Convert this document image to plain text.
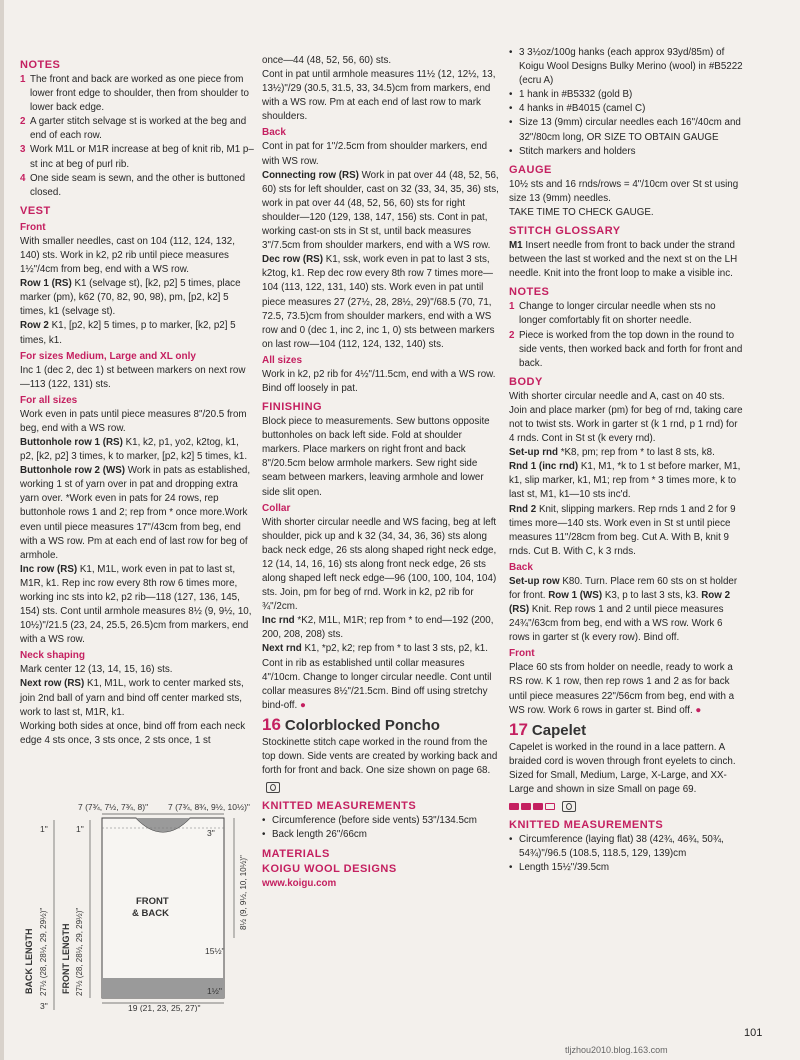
NOTES

1 The front and back are worked as one piece from lower front edge to shoulder, then from shoulder to lower back edge.

2 A garter stitch selvage st is worked at the beg and end of each row.

3 Work M1L or M1R increase at beg of knit rib, M1 p–st inc at beg of purl rib.

4 One side seam is sewn, and the other is buttoned closed.

VEST

Front

With smaller needles, cast on 104 (112, 124, 132, 140) sts. Work in k2, p2 rib until piece measures 1½"/4cm from beg, end with a WS row.

Row 1 (RS) K1 (selvage st), [k2, p2] 5 times, place marker (pm), k62 (70, 82, 90, 98), pm, [p2, k2] 5 times, k1 (selvage st).

Row 2 K1, [p2, k2] 5 times, p to marker, [k2, p2] 5 times, k1.

For sizes Medium, Large and XL only

Inc 1 (dec 2, dec 1) st between markers on next row—113 (122, 131) sts.

For all sizes

Work even in pats until piece measures 8"/20.5 from beg, end with a WS row.

Buttonhole row 1 (RS) K1, k2, p1, yo2, k2tog, k1, p2, [k2, p2] 3 times, k to marker, [p2, k2] 5 times, k1. Buttonhole row 2 (WS) Work in pats as established, working 1 st of yarn over in pat and dropping extra yarn over. *Work even in pats for 24 rows, rep buttonhole rows 1 and 2; rep from * once more.Work even until piece measures 17"/43cm from beg, end with a WS row. Pm at each end of last row for beg of armhole.

Inc row (RS) K1, M1L, work even in pat to last st, M1R, k1. Rep inc row every 8th row 6 times more, working inc sts into k2, p2 rib—118 (127, 136, 145, 154) sts. Cont until armhole measures 8½ (9, 9½, 10, 10½)"/21.5 (23, 24, 25.5, 26.5)cm from markers, end with a WS row.

Neck shaping

Mark center 12 (13, 14, 15, 16) sts.

Next row (RS) K1, M1L, work to center marked sts, join 2nd ball of yarn and bind off center marked sts, work to last st, M1R, k1.

Working both sides at once, bind off from each neck edge 4 sts once, 3 sts once, 2 sts once, 1 st

7 (7¾, 7½, 7¾, 8)" 7 (7¾, 8¾, 9½, 10½)"
FRONT
& BACK
1"	1"
BACK LENGTH 27½ (28, 28½, 29, 29½)" FRONT LENGTH 27½ (28, 28½, 29, 29½)"
3"
8½ (9, 9½, 10, 10½)"
15½"
1½"
3"	19 (21, 23, 25, 27)"

once—44 (48, 52, 56, 60) sts.

Cont in pat until armhole measures 11½ (12, 12½, 13, 13½)"/29 (30.5, 31.5, 33, 34.5)cm from markers, end with a WS row. Pm at each end of last row to mark shoulders.

Back

Cont in pat for 1"/2.5cm from shoulder markers, end with WS row.

Connecting row (RS) Work in pat over 44 (48, 52, 56, 60) sts for left shoulder, cast on 32 (33, 34, 35, 36) sts, work in pat over 44 (48, 52, 56, 60) sts for right shoulder—120 (129, 138, 147, 156) sts. Cont in pat, working cast-on sts in St st, until back measures 3"/7.5cm from shoulder markers, end with a WS row.

Dec row (RS) K1, ssk, work even in pat to last 3 sts, k2tog, k1. Rep dec row every 8th row 7 times more—104 (113, 122, 131, 140) sts. Work even in pat until piece measures 27 (27½, 28, 28½, 29)"/68.5 (70, 71, 72.5, 73.5)cm from shoulder markers, end with a WS row and 0 (dec 1, inc 2, inc 1, 0) sts between markers on last row—104 (112, 124, 132, 140) sts.

All sizes

Work in k2, p2 rib for 4½"/11.5cm, end with a WS row. Bind off loosely in pat.

FINISHING

Block piece to measurements. Sew buttons opposite buttonholes on back left side. Fold at shoulder markers. Place markers on right front and back 8"/20.5cm below armhole markers. Sew right side seam between markers, leaving armhole and lower side slit open.

Collar

With shorter circular needle and WS facing, beg at left shoulder, pick up and k 32 (34, 34, 36, 36) sts along back neck edge, 26 sts along shaped right neck edge, 12 (14, 14, 16, 16) sts along front neck edge, 26 sts along shaped left neck edge—96 (100, 100, 104, 104) sts. Join, pm for beg of rnd. Work in k2, p2 rib for ¾"/2cm.

Inc rnd *K2, M1L, M1R; rep from * to end—192 (200, 200, 208, 208) sts.

Next rnd K1, *p2, k2; rep from * to last 3 sts, p2, k1. Cont in rib as established until collar measures 4"/10cm. Change to longer circular needle. Cont until collar measures 8½"/21.5cm. Bind off using stretchy bind-off. ●

16 Colorblocked Poncho

Stockinette stitch cape worked in the round from the top down. Side vents are created by working back and forth for front and back. One size shown on page 68.

KNITTED MEASUREMENTS

• Circumference (before side vents) 53"/134.5cm

• Back length 26"/66cm

MATERIALS

KOIGU WOOL DESIGNS

www.koigu.com

• 3 3½oz/100g hanks (each approx 93yd/85m) of Koigu Wool Designs Bulky Merino (wool) in #B5222 (ecru A)

• 1 hank in #B5332 (gold B)

• 4 hanks in #B4015 (camel C)

• Size 13 (9mm) circular needles each 16"/40cm and 32"/80cm long, OR SIZE TO OBTAIN GAUGE

• Stitch markers and holders

GAUGE

10½ sts and 16 rnds/rows = 4"/10cm over St st using size 13 (9mm) needles.

TAKE TIME TO CHECK GAUGE.

STITCH GLOSSARY

M1 Insert needle from front to back under the strand between the last st worked and the next st on the LH needle. Knit into the front loop to make a visible inc.

NOTES

1 Change to longer circular needle when sts no longer comfortably fit on shorter needle.

2 Piece is worked from the top down in the round to side vents, then worked back and forth for front and back.

BODY

With shorter circular needle and A, cast on 40 sts. Join and place marker (pm) for beg of rnd, taking care not to twist sts. Work in garter st (k 1 rnd, p 1 rnd) for 4 rnds. Cont in St st (k every rnd).

Set-up rnd *K8, pm; rep from * to last 8 sts, k8.

Rnd 1 (inc rnd) K1, M1, *k to 1 st before marker, M1, k1, slip marker, k1, M1; rep from * 3 times more, k to last st, M1, k1—10 sts inc'd.

Rnd 2 Knit, slipping markers. Rep rnds 1 and 2 for 9 times more—140 sts. Work even in St st until piece measures 11"/28cm from beg. Cut A. With B, knit 9 rnds. Cut B. With C, k 3 rnds.

Back

Set-up row K80. Turn. Place rem 60 sts on st holder for front. Row 1 (WS) K3, p to last 3 sts, k3. Row 2 (RS) Knit. Rep rows 1 and 2 until piece measures 24¾"/63cm from beg, end with a WS row. Work 6 rows in garter st (k every row). Bind off.

Front

Place 60 sts from holder on needle, ready to work a RS row. K 1 row, then rep rows 1 and 2 as for back until piece measures 22"/56cm from beg, end with a WS row. Work 6 rows in garter st. Bind off. ●

17 Capelet

Capelet is worked in the round in a lace pattern. A braided cord is woven through front eyelets to cinch. Sized for Small, Medium, Large, X-Large, and XX-Large and shown in size Small on page 69.

KNITTED MEASUREMENTS

• Circumference (laying flat) 38 (42¾, 46¾, 50¾, 54¾)"/96.5 (108.5, 118.5, 129, 139)cm

• Length 15½"/39.5cm

101
tljzhou2010.blog.163.com
